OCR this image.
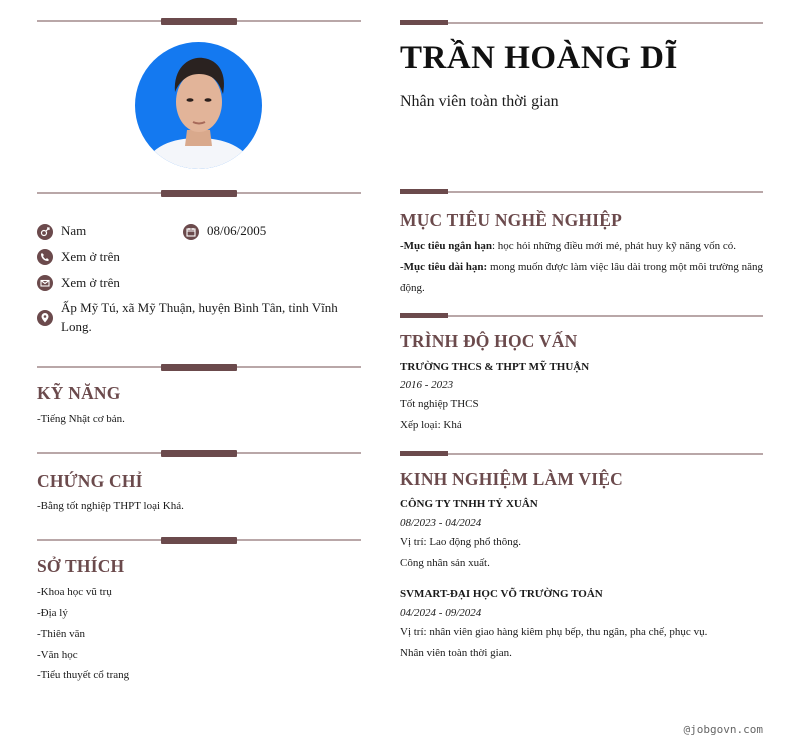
Nam	08/06/2005
Xem ở trên
Xem ở trên
Ấp Mỹ Tú, xã Mỹ Thuận, huyện Bình Tân, tỉnh Vĩnh Long.
KỸ NĂNG
-Tiếng Nhật cơ bản.
CHỨNG CHỈ
-Bằng tốt nghiệp THPT loại Khá.
SỞ THÍCH
-Khoa học vũ trụ
-Địa lý
-Thiên văn
-Văn học
-Tiểu thuyết cổ trang
TRẦN HOÀNG DĨ
Nhân viên toàn thời gian
MỤC TIÊU NGHỀ NGHIỆP
-Mục tiêu ngắn hạn: học hỏi những điều mới mẻ, phát huy kỹ năng vốn có.
-Mục tiêu dài hạn: mong muốn được làm việc lâu dài trong một môi trường năng động.
TRÌNH ĐỘ HỌC VẤN
TRƯỜNG THCS & THPT MỸ THUẬN
2016 - 2023
Tốt nghiệp THCS
Xếp loại: Khá
KINH NGHIỆM LÀM VIỆC
CÔNG TY TNHH TỶ XUÂN
08/2023 - 04/2024
Vị trí: Lao động phổ thông.
Công nhân sản xuất.
SVMART-ĐẠI HỌC VÕ TRƯỜNG TOẢN
04/2024 - 09/2024
Vị trí: nhân viên giao hàng kiêm phụ bếp, thu ngân, pha chế, phục vụ.
Nhân viên toàn thời gian.
@jobgovn.com
